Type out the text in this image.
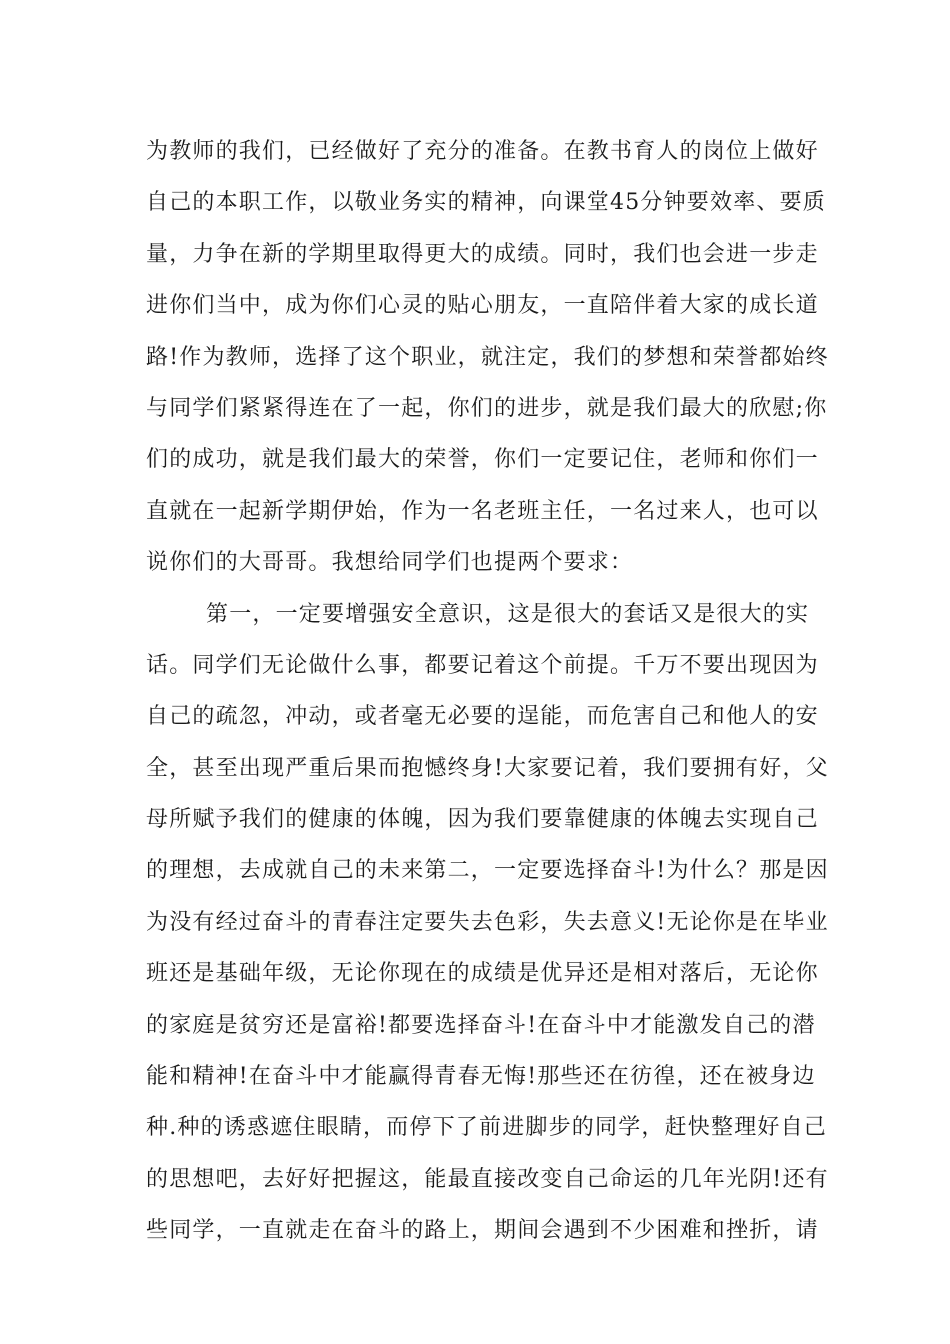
为教师的我们，已经做好了充分的准备。在教书育人的岗位上做好
自己的本职工作，以敬业务实的精神，向课堂45分钟要效率、要质
量，力争在新的学期里取得更大的成绩。同时，我们也会进一步走
进你们当中，成为你们心灵的贴心朋友，一直陪伴着大家的成长道
路!作为教师，选择了这个职业，就注定，我们的梦想和荣誉都始终
与同学们紧紧得连在了一起，你们的进步，就是我们最大的欣慰;你
们的成功，就是我们最大的荣誉，你们一定要记住，老师和你们一
直就在一起新学期伊始，作为一名老班主任，一名过来人，也可以
说你们的大哥哥。我想给同学们也提两个要求：
第一，一定要增强安全意识，这是很大的套话又是很大的实
话。同学们无论做什么事，都要记着这个前提。千万不要出现因为
自己的疏忽，冲动，或者毫无必要的逞能，而危害自己和他人的安
全，甚至出现严重后果而抱憾终身!大家要记着，我们要拥有好，父
母所赋予我们的健康的体魄，因为我们要靠健康的体魄去实现自己
的理想，去成就自己的未来第二，一定要选择奋斗!为什么？那是因
为没有经过奋斗的青春注定要失去色彩，失去意义!无论你是在毕业
班还是基础年级，无论你现在的成绩是优异还是相对落后，无论你
的家庭是贫穷还是富裕!都要选择奋斗!在奋斗中才能激发自己的潜
能和精神!在奋斗中才能赢得青春无悔!那些还在彷徨，还在被身边
种.种的诱惑遮住眼睛，而停下了前进脚步的同学，赶快整理好自己
的思想吧，去好好把握这，能最直接改变自己命运的几年光阴!还有
些同学，一直就走在奋斗的路上，期间会遇到不少困难和挫折，请
